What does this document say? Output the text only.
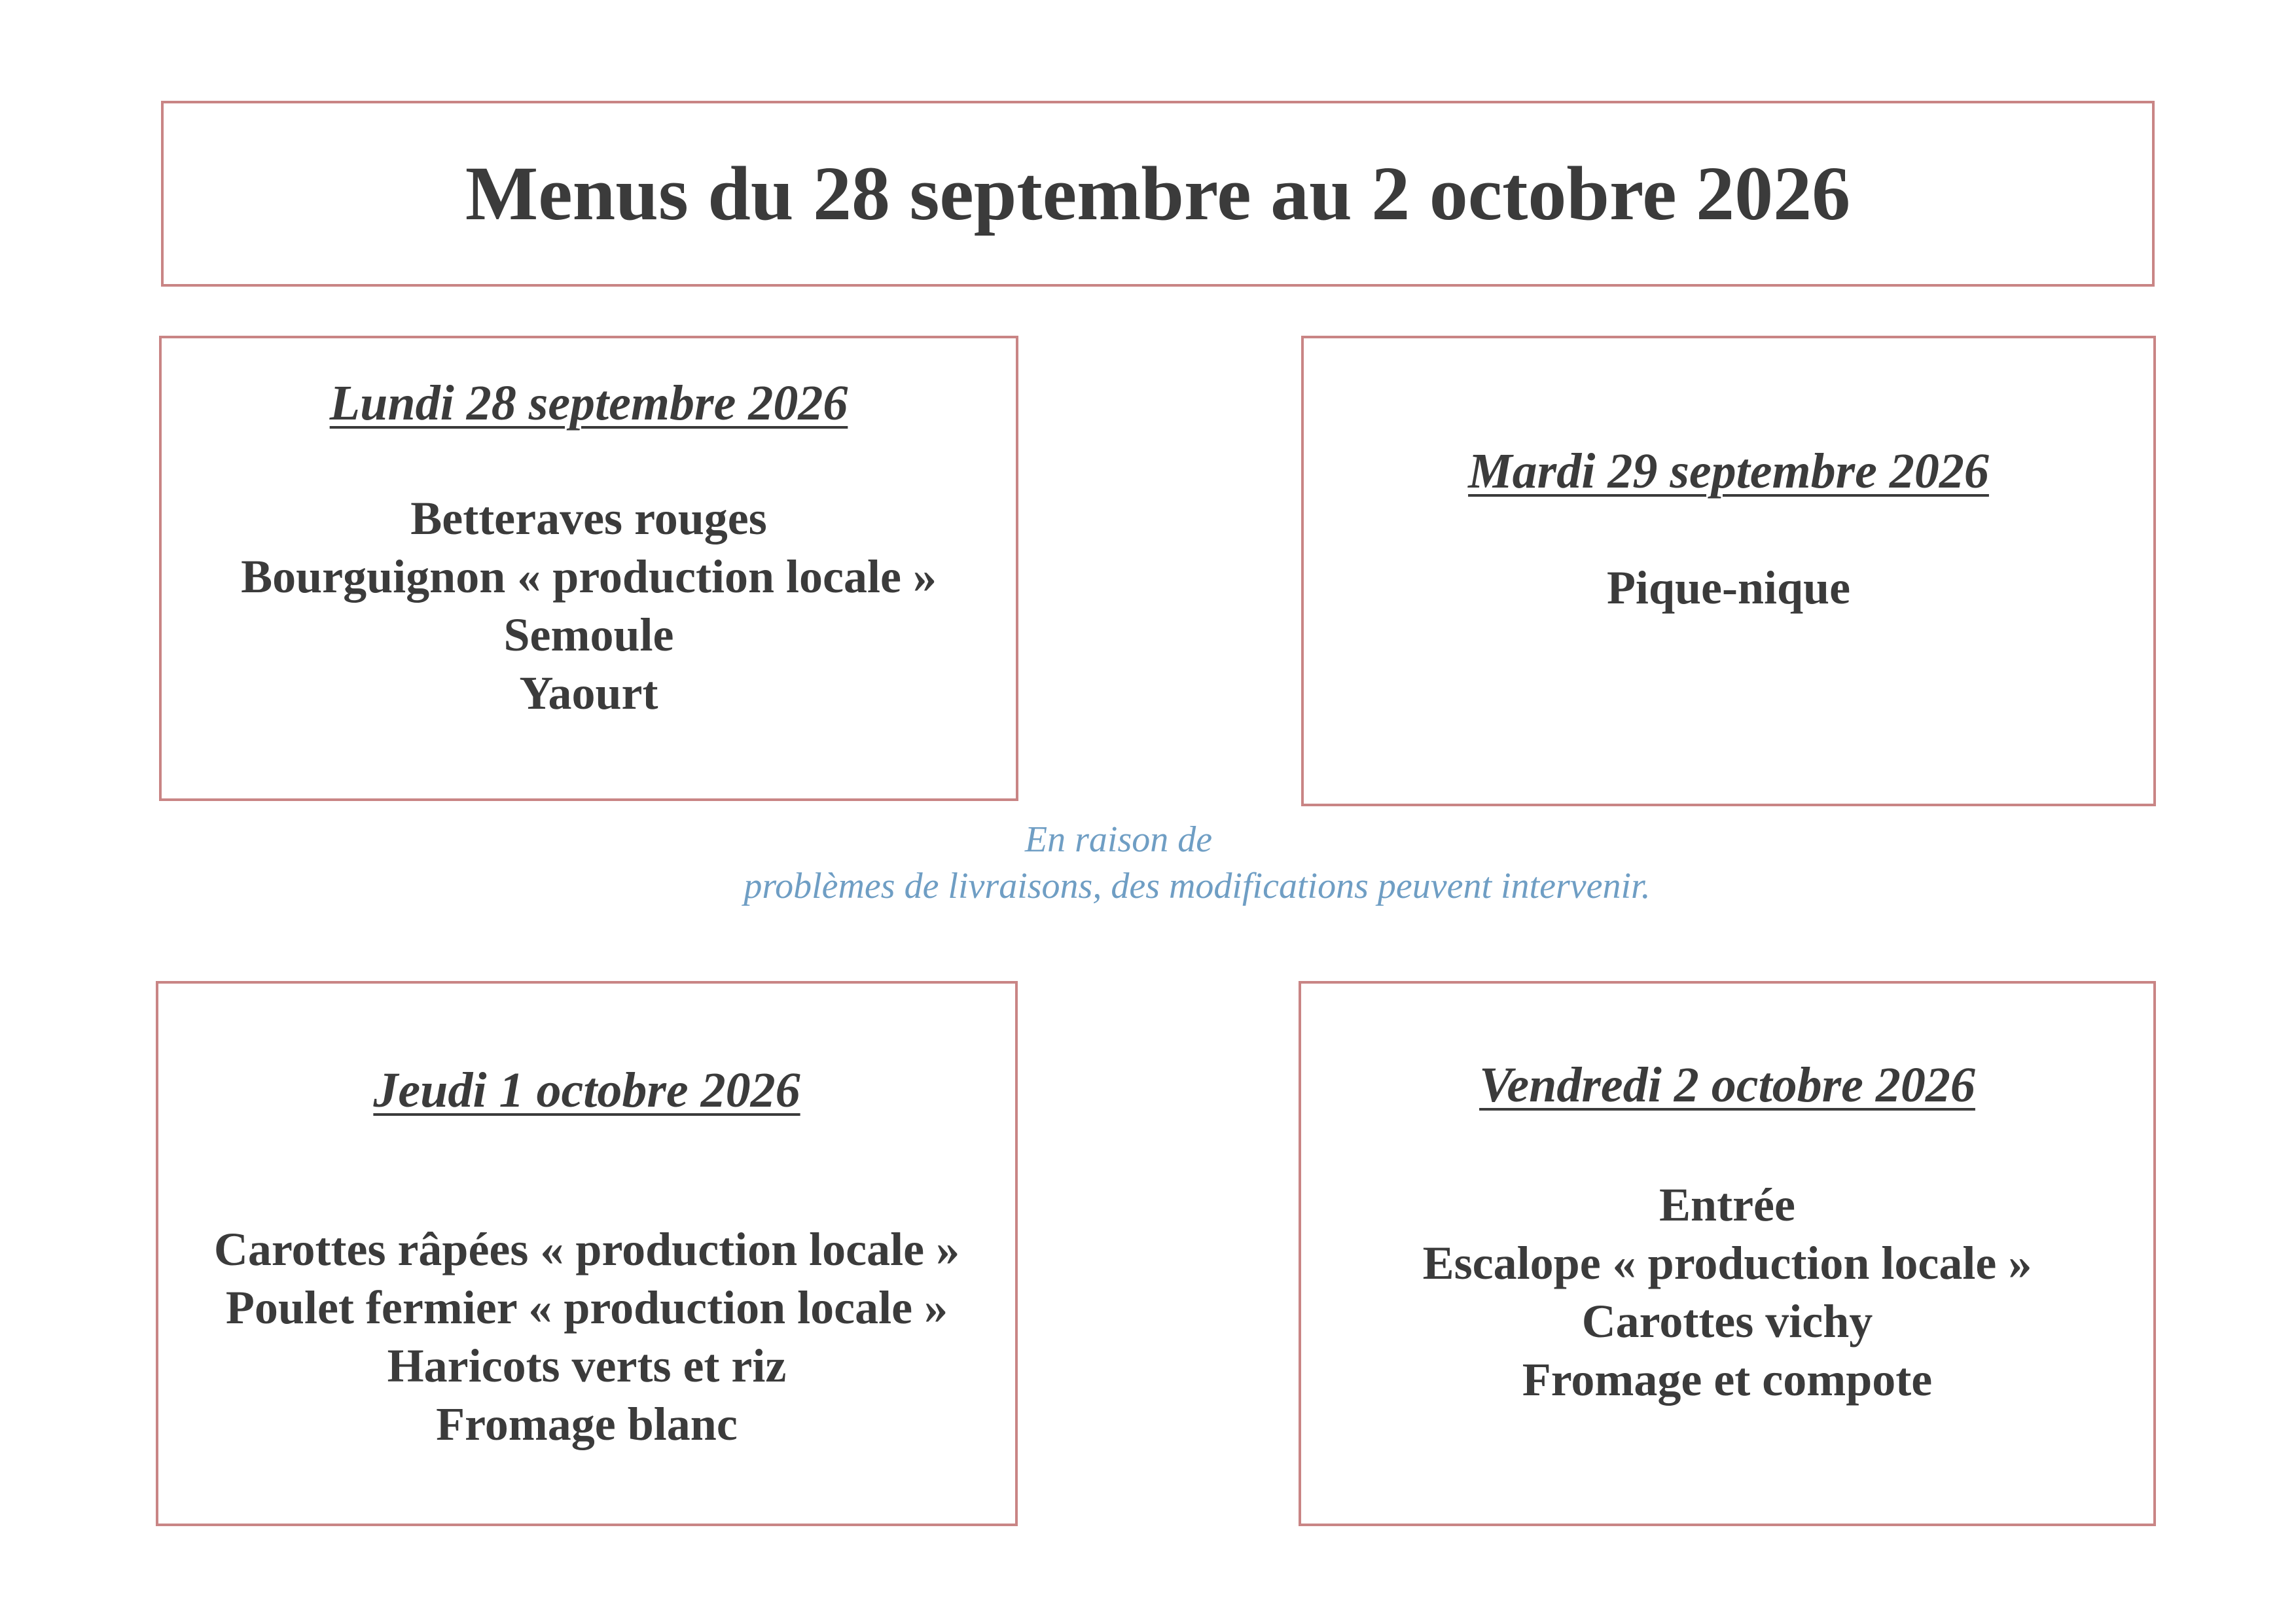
Menus du 28 septembre au 2 octobre 2026
Lundi 28 septembre 2026
Betteraves rouges
Bourguignon « production locale »
Semoule
Yaourt
Mardi 29 septembre 2026
Pique-nique
En raison de
problèmes de livraisons, des modifications peuvent intervenir.
Jeudi 1 octobre 2026
Carottes râpées « production locale »
Poulet fermier « production locale »
Haricots verts et riz
Fromage blanc
Vendredi 2 octobre 2026
Entrée
Escalope « production locale »
Carottes vichy
Fromage et compote
